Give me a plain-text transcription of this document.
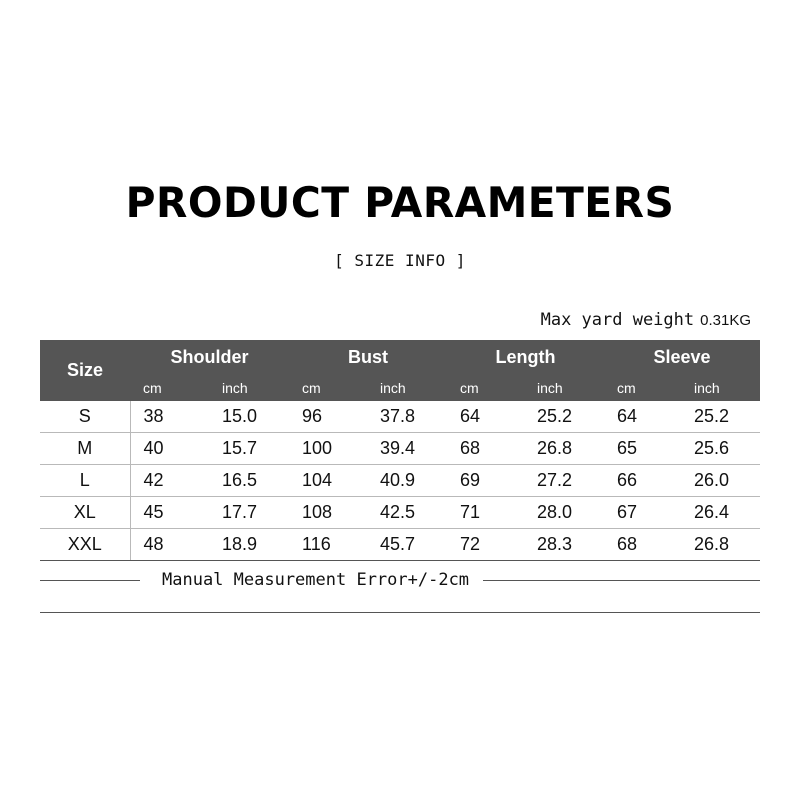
PRODUCT PARAMETERS
[ SIZE INFO ]
Max yard weight 0.31KG
Size	Shoulder		Bust		Length		Sleeve	
	cm	inch	cm	inch	cm	inch	cm	inch
S	38	15.0	96	37.8	64	25.2	64	25.2
M	40	15.7	100	39.4	68	26.8	65	25.6
L	42	16.5	104	40.9	69	27.2	66	26.0
XL	45	17.7	108	42.5	71	28.0	67	26.4
XXL	48	18.9	116	45.7	72	28.3	68	26.8
Manual Measurement Error+/-2cm
